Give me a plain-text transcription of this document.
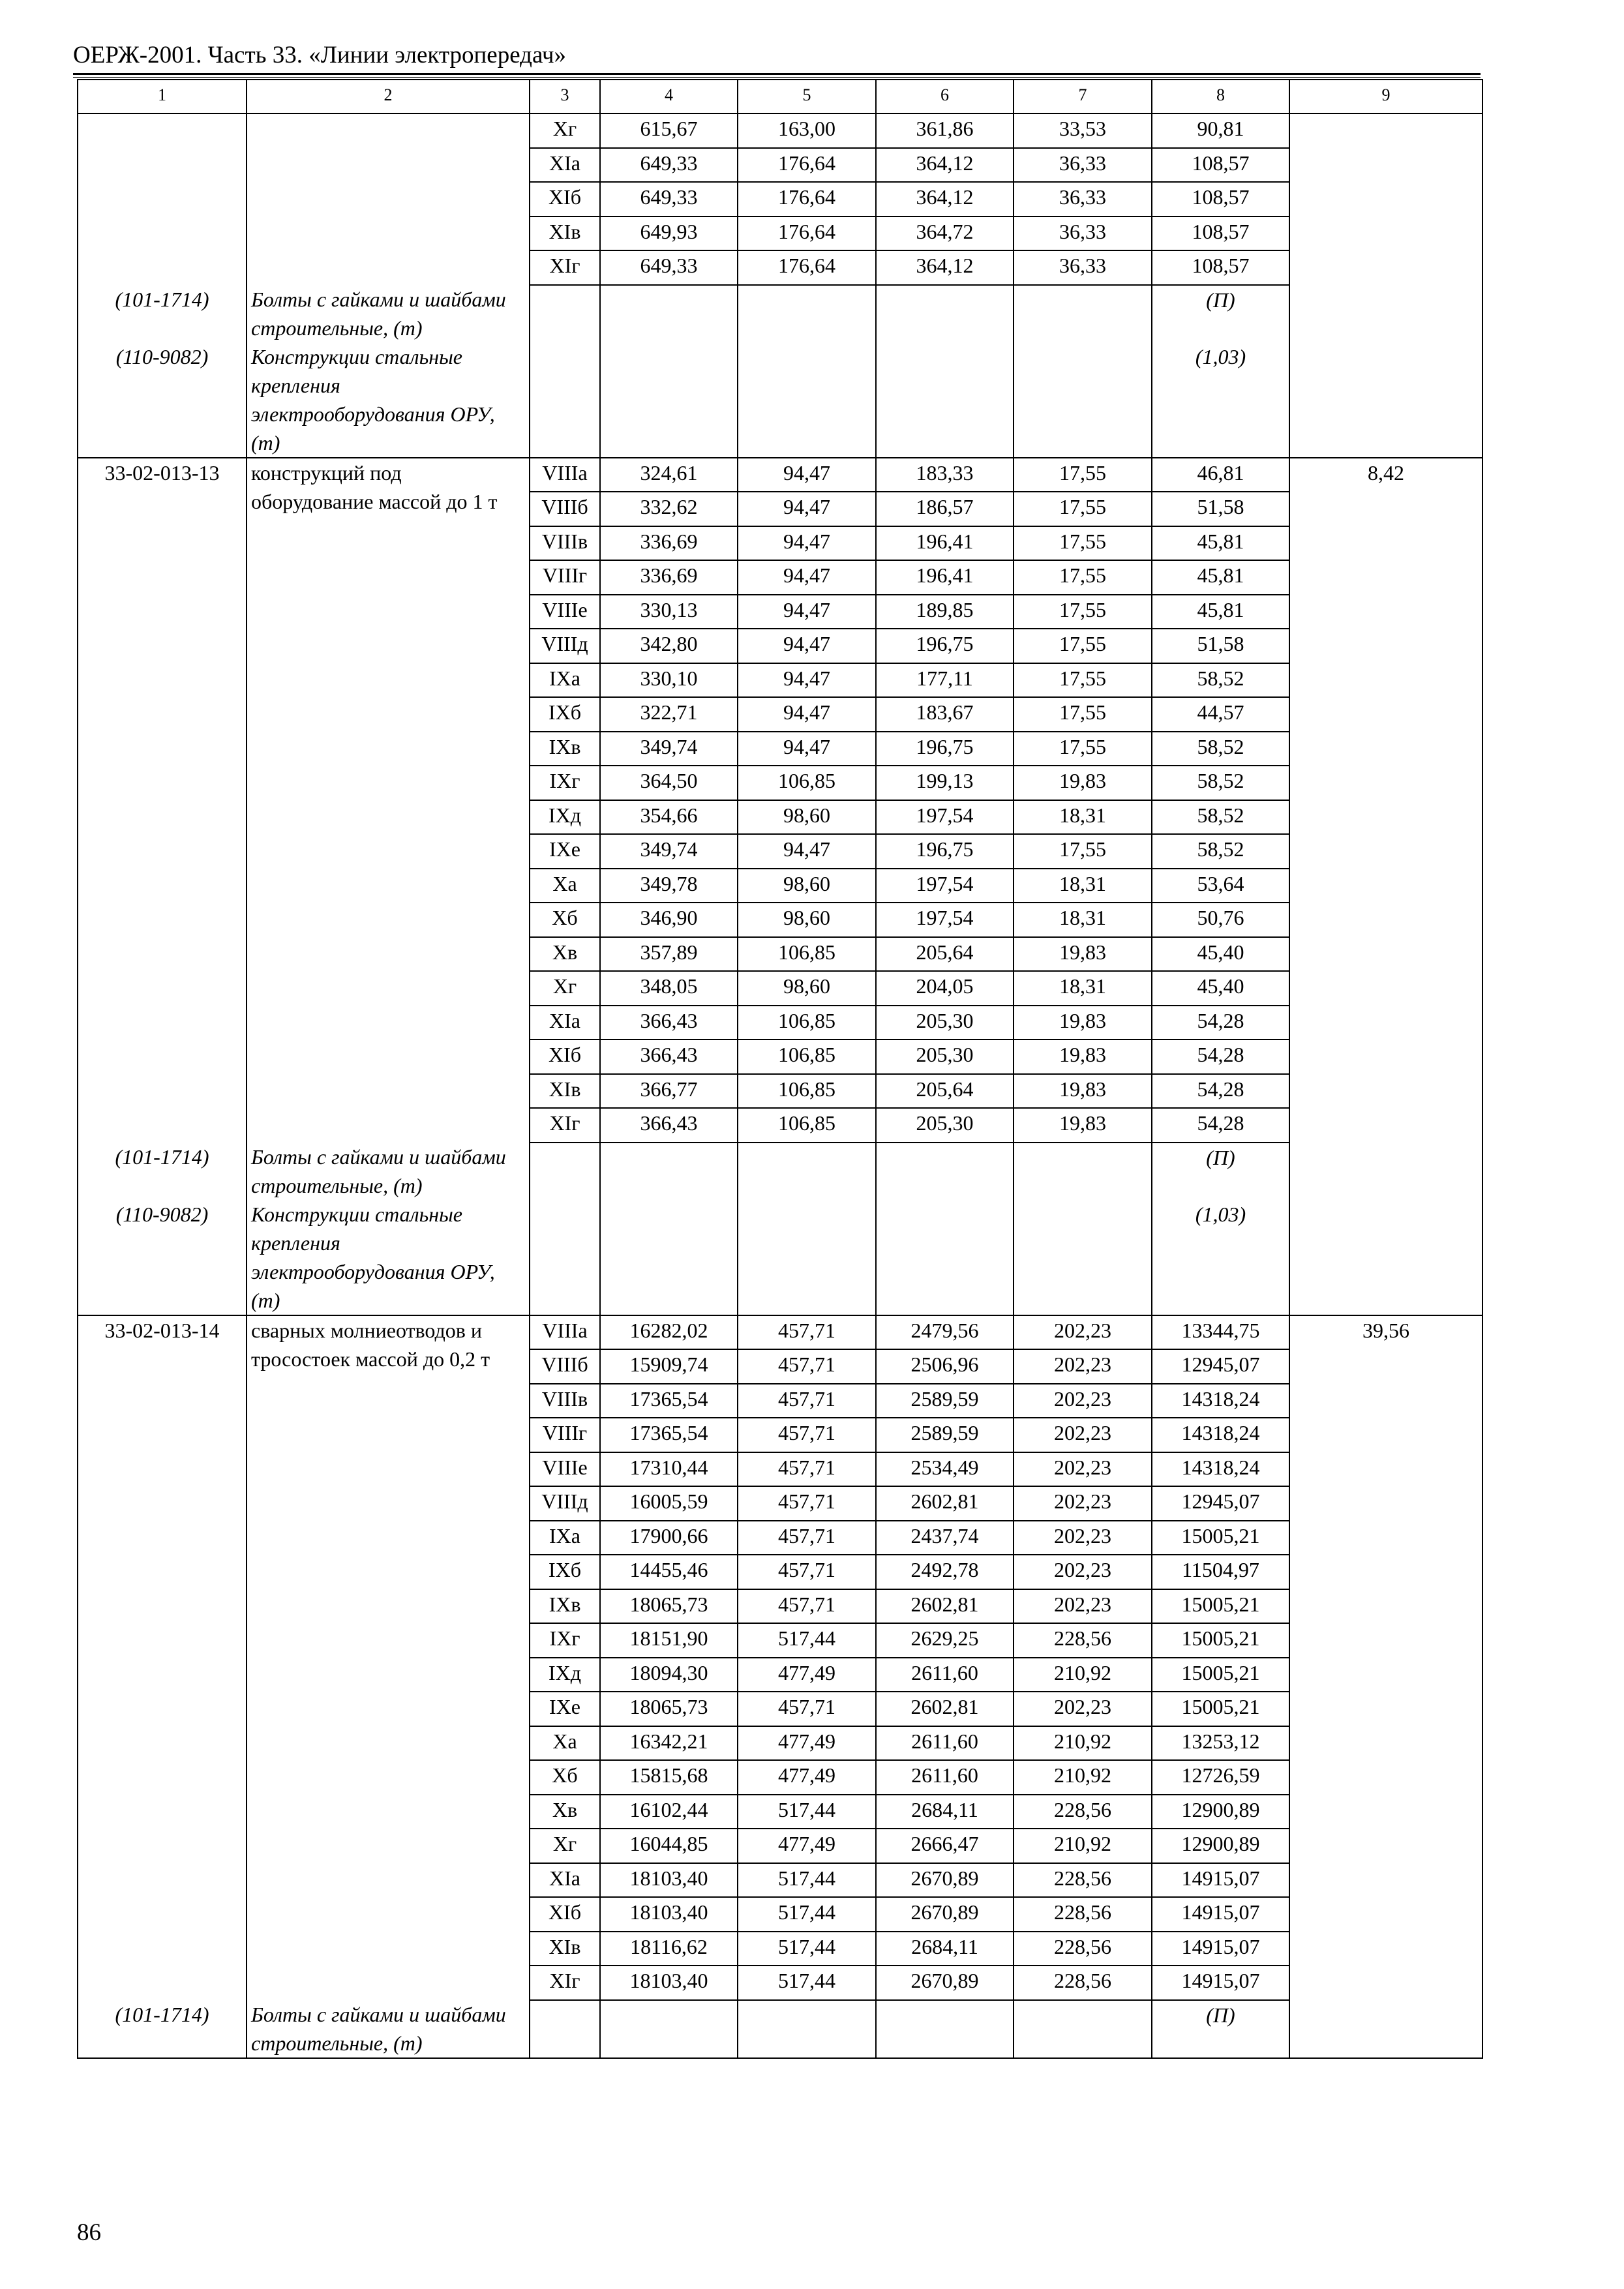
ОЕРЖ-2001. Часть 33. «Линии электропередач»
1	2	3	4	5	6	7	8	9
		Xг	615,67	163,00	361,86	33,53	90,81	
		XIа	649,33	176,64	364,12	36,33	108,57	
		XIб	649,33	176,64	364,12	36,33	108,57	
		XIв	649,93	176,64	364,72	36,33	108,57	
		XIг	649,33	176,64	364,12	36,33	108,57	
(101-1714)	Болты с гайками и шайбами строительные, (т)						(П)	
(110-9082)	Конструкции стальные крепления электрооборудования ОРУ, (т)						(1,03)	
33-02-013-13	конструкций под оборудование массой до 1 т	VIIIа	324,61	94,47	183,33	17,55	46,81	8,42
		VIIIб	332,62	94,47	186,57	17,55	51,58	
		VIIIв	336,69	94,47	196,41	17,55	45,81	
		VIIIг	336,69	94,47	196,41	17,55	45,81	
		VIIIе	330,13	94,47	189,85	17,55	45,81	
		VIIIд	342,80	94,47	196,75	17,55	51,58	
		IXа	330,10	94,47	177,11	17,55	58,52	
		IXб	322,71	94,47	183,67	17,55	44,57	
		IXв	349,74	94,47	196,75	17,55	58,52	
		IXг	364,50	106,85	199,13	19,83	58,52	
		IXд	354,66	98,60	197,54	18,31	58,52	
		IXе	349,74	94,47	196,75	17,55	58,52	
		Xа	349,78	98,60	197,54	18,31	53,64	
		Xб	346,90	98,60	197,54	18,31	50,76	
		Xв	357,89	106,85	205,64	19,83	45,40	
		Xг	348,05	98,60	204,05	18,31	45,40	
		XIа	366,43	106,85	205,30	19,83	54,28	
		XIб	366,43	106,85	205,30	19,83	54,28	
		XIв	366,77	106,85	205,64	19,83	54,28	
		XIг	366,43	106,85	205,30	19,83	54,28	
(101-1714)	Болты с гайками и шайбами строительные, (т)						(П)	
(110-9082)	Конструкции стальные крепления электрооборудования ОРУ, (т)						(1,03)	
33-02-013-14	сварных молниеотводов и тросостоек массой до 0,2 т	VIIIа	16282,02	457,71	2479,56	202,23	13344,75	39,56
		VIIIб	15909,74	457,71	2506,96	202,23	12945,07	
		VIIIв	17365,54	457,71	2589,59	202,23	14318,24	
		VIIIг	17365,54	457,71	2589,59	202,23	14318,24	
		VIIIе	17310,44	457,71	2534,49	202,23	14318,24	
		VIIIд	16005,59	457,71	2602,81	202,23	12945,07	
		IXа	17900,66	457,71	2437,74	202,23	15005,21	
		IXб	14455,46	457,71	2492,78	202,23	11504,97	
		IXв	18065,73	457,71	2602,81	202,23	15005,21	
		IXг	18151,90	517,44	2629,25	228,56	15005,21	
		IXд	18094,30	477,49	2611,60	210,92	15005,21	
		IXе	18065,73	457,71	2602,81	202,23	15005,21	
		Xа	16342,21	477,49	2611,60	210,92	13253,12	
		Xб	15815,68	477,49	2611,60	210,92	12726,59	
		Xв	16102,44	517,44	2684,11	228,56	12900,89	
		Xг	16044,85	477,49	2666,47	210,92	12900,89	
		XIа	18103,40	517,44	2670,89	228,56	14915,07	
		XIб	18103,40	517,44	2670,89	228,56	14915,07	
		XIв	18116,62	517,44	2684,11	228,56	14915,07	
		XIг	18103,40	517,44	2670,89	228,56	14915,07	
(101-1714)	Болты с гайками и шайбами строительные, (т)						(П)	
86
